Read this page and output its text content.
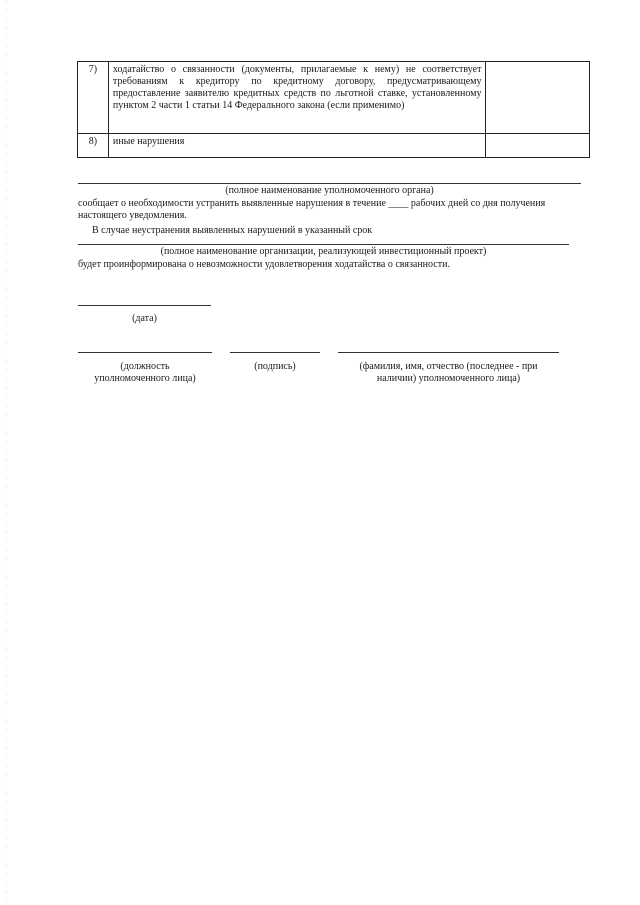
7)	ходатайство о связанности (документы, прилагаемые к нему) не соответствует требованиям к кредитору по кредитному договору, предусматривающему предоставление заявителю кредитных средств по льготной ставке, установленному пунктом 2 части 1 статьи 14 Федерального закона (если применимо)	
8)	иные нарушения	
(полное наименование уполномоченного органа)
сообщает о необходимости устранить выявленные нарушения в течение ____ рабочих дней со дня получения
настоящего уведомления.
В случае неустранения выявленных нарушений в указанный срок
(полное наименование организации, реализующей инвестиционный проект)
будет проинформирована о невозможности удовлетворения ходатайства о связанности.
(дата)
(должность
уполномоченного лица)
(подпись)	(фамилия, имя, отчество (последнее - при
наличии) уполномоченного лица)
